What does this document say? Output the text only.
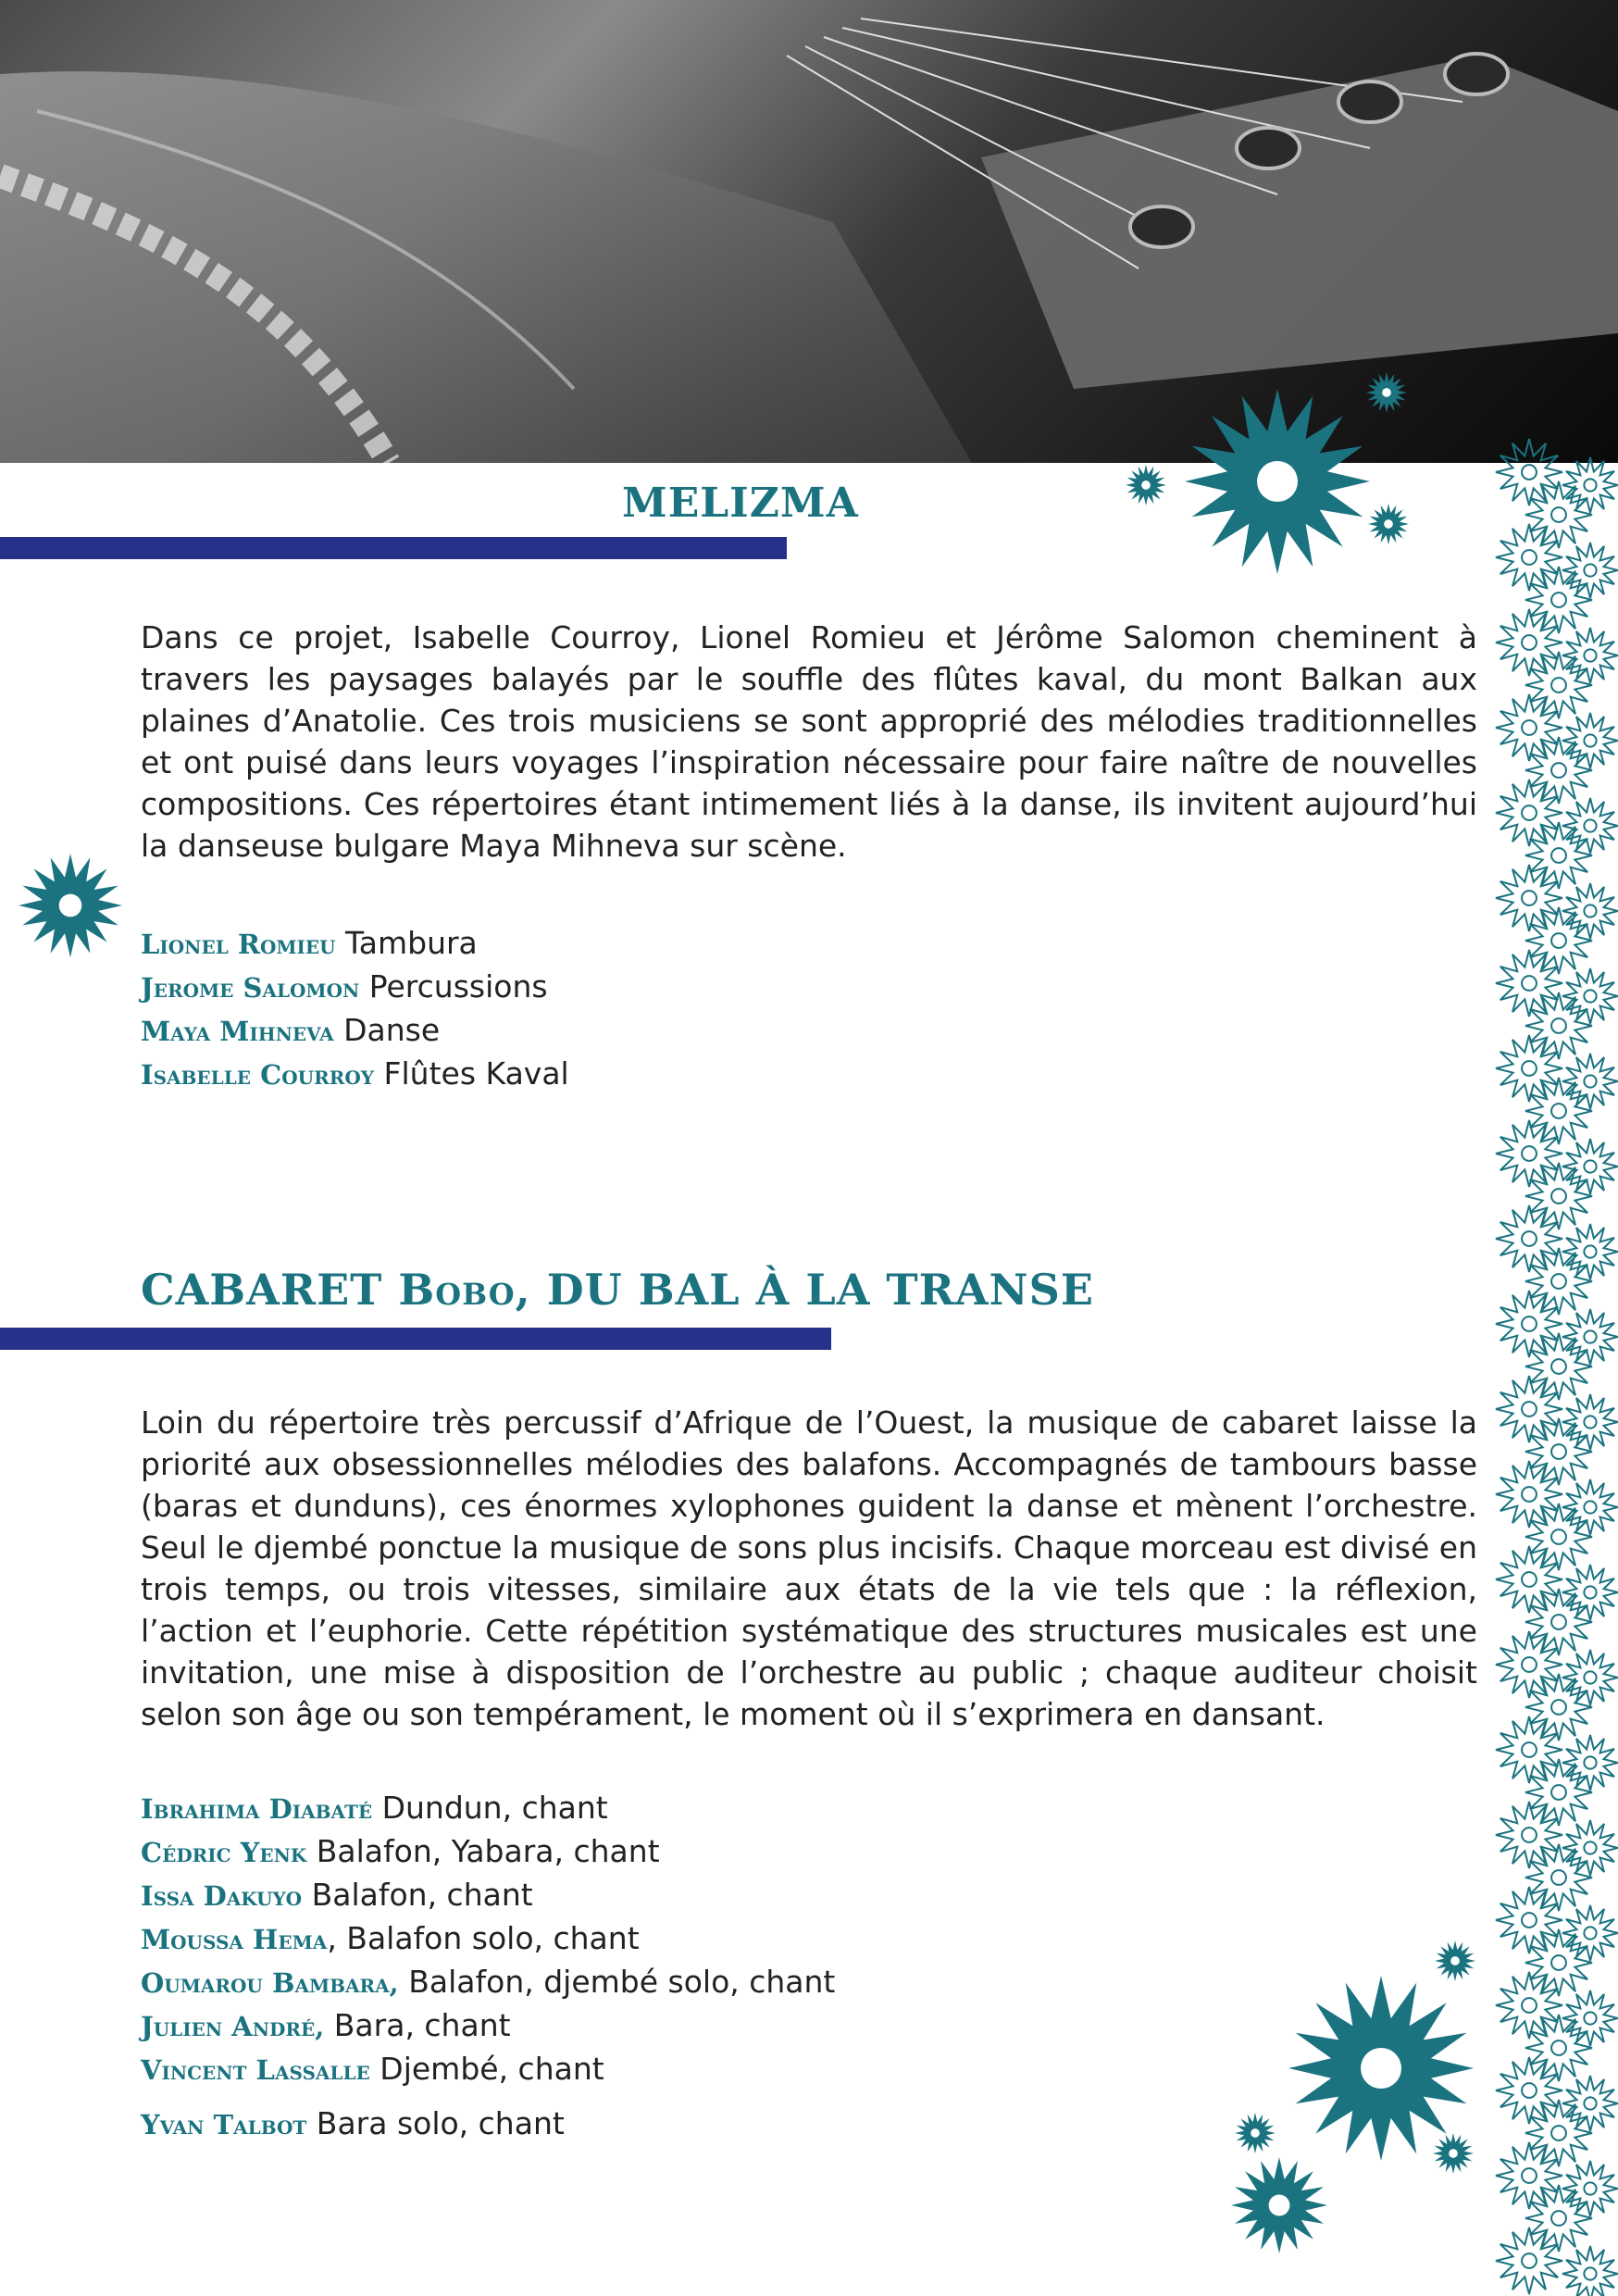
MELIZMA

Dans ce projet, Isabelle Courroy, Lionel Romieu et Jérôme Salomon cheminent à travers les paysages balayés par le souffle des flûtes kaval, du mont Balkan aux plaines d’Anatolie. Ces trois musiciens se sont approprié des mélodies traditionnelles et ont puisé dans leurs voyages l’inspiration nécessaire pour faire naître de nouvelles compositions. Ces répertoires étant intimement liés à la danse, ils invitent aujourd’hui la danseuse bulgare Maya Mihneva sur scène.

Lionel Romieu Tambura
Jerome Salomon Percussions
Maya Mihneva Danse
Isabelle Courroy Flûtes Kaval
CABARET Bobo, DU BAL À LA TRANSE

Loin du répertoire très percussif d’Afrique de l’Ouest, la musique de cabaret laisse la priorité aux obsessionnelles mélodies des balafons. Accompagnés de tambours basse (baras et dunduns), ces énormes xylophones guident la danse et mènent l’orchestre. Seul le djembé ponctue la musique de sons plus incisifs. Chaque morceau est divisé en trois temps, ou trois vitesses, similaire aux états de la vie tels que : la réflexion, l’action et l’euphorie. Cette répétition systématique des structures musicales est une invitation, une mise à disposition de l’orchestre au public ; chaque auditeur choisit selon son âge ou son tempérament, le moment où il s’exprimera en dansant.

Ibrahima Diabaté Dundun, chant
Cédric Yenk Balafon, Yabara, chant
Issa Dakuyo Balafon, chant
Moussa Hema, Balafon solo, chant
Oumarou Bambara, Balafon, djembé solo, chant
Julien André, Bara, chant
Vincent Lassalle Djembé, chant
Yvan Talbot Bara solo, chant
